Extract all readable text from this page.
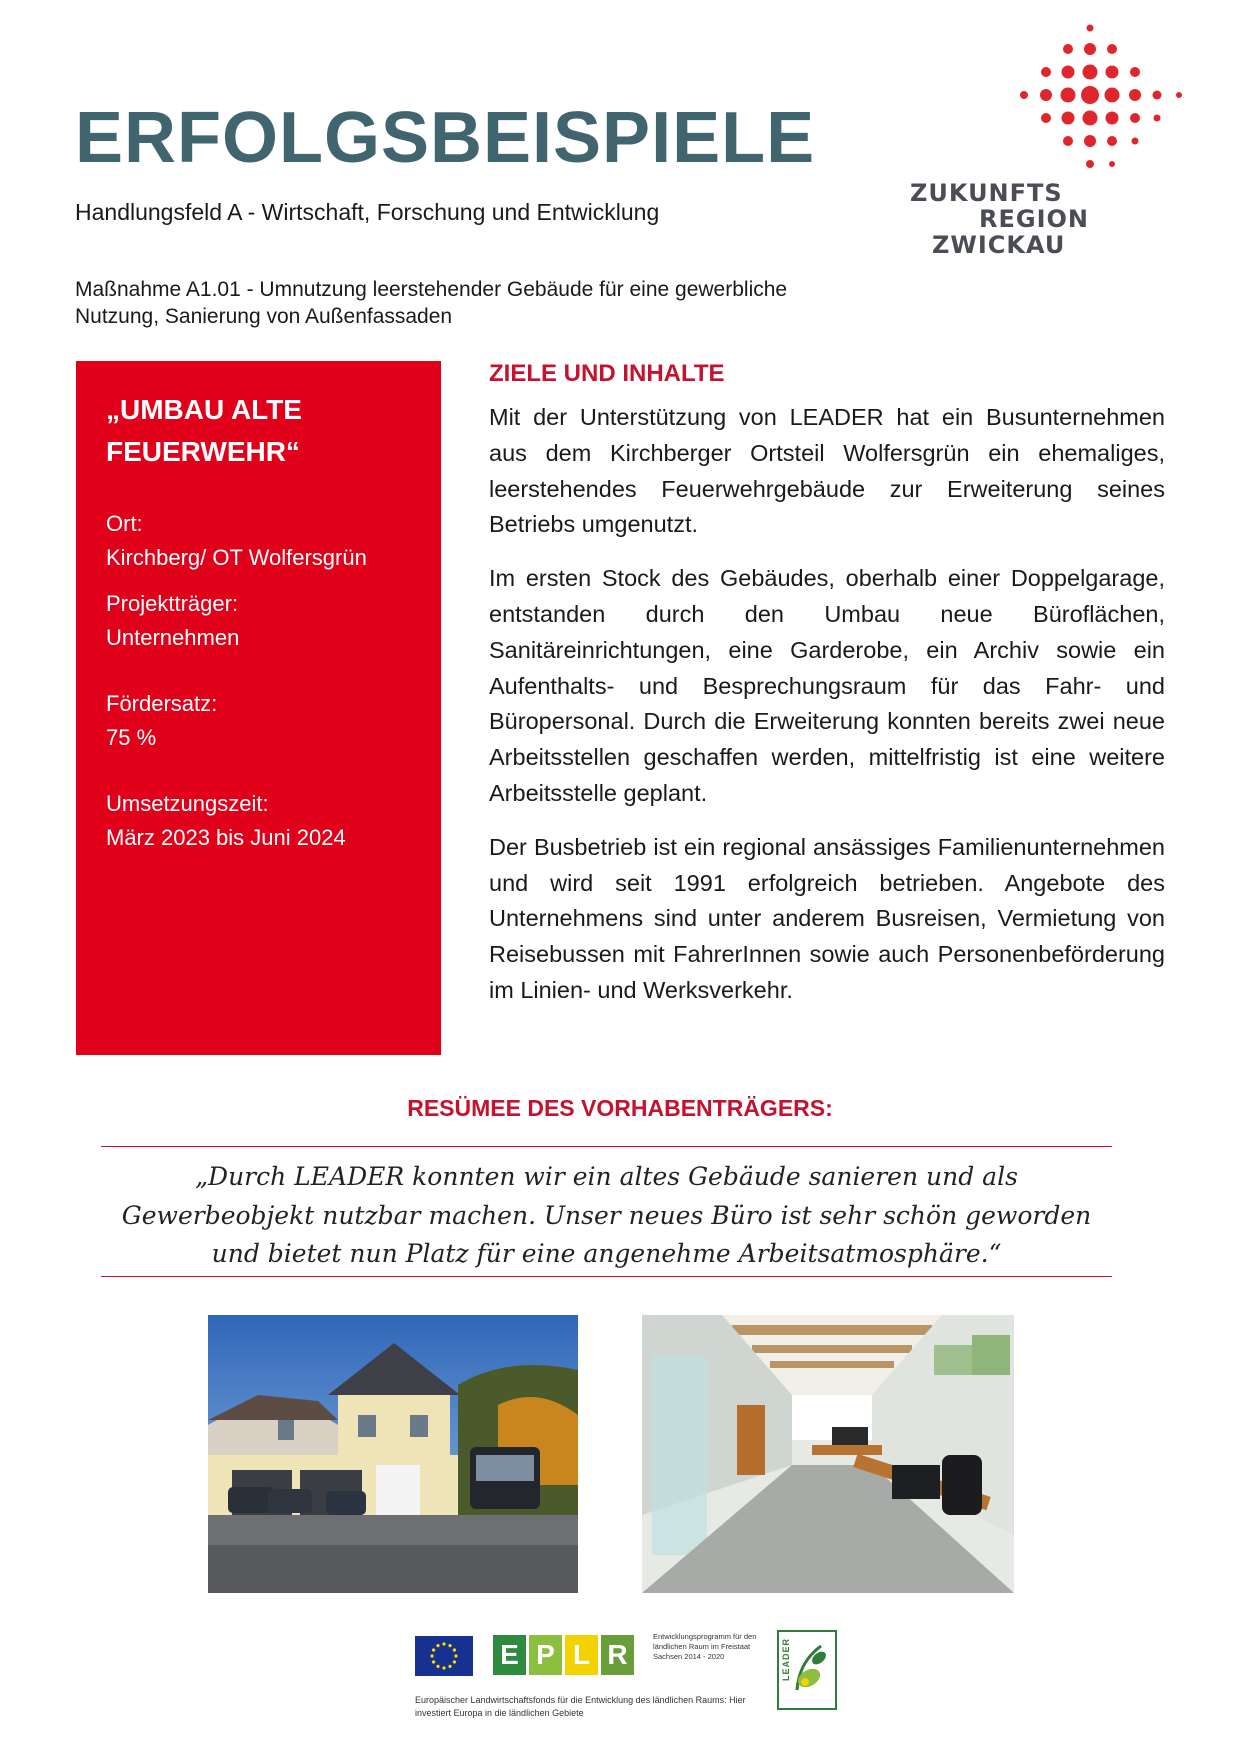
ERFOLGSBEISPIELE

Handlungsfeld A - Wirtschaft, Forschung und Entwicklung

Maßnahme A1.01 - Umnutzung leerstehender Gebäude für eine gewerbliche Nutzung, Sanierung von Außenfassaden

ZUKUNFTS
REGION
ZWICKAU
„UMBAU ALTE FEUERWEHR“
Ort:
Kirchberg/ OT Wolfersgrün
Projektträger:
Unternehmen
Fördersatz:
75 %
Umsetzungszeit:
März 2023 bis Juni 2024
ZIELE UND INHALTE

Mit der Unterstützung von LEADER hat ein Busunternehmen aus dem Kirchberger Ortsteil Wolfersgrün ein ehemaliges, leerstehendes Feuerwehrgebäude zur Erweiterung seines Betriebs umgenutzt.

Im ersten Stock des Gebäudes, oberhalb einer Doppelgarage, entstanden durch den Umbau neue Büroflächen, Sanitäreinrichtungen, eine Garderobe, ein Archiv sowie ein Aufenthalts- und Besprechungsraum für das Fahr- und Büropersonal. Durch die Erweiterung konnten bereits zwei neue Arbeitsstellen geschaffen werden, mittelfristig ist eine weitere Arbeitsstelle geplant.

Der Busbetrieb ist ein regional ansässiges Familienunternehmen und wird seit 1991 erfolgreich betrieben. Angebote des Unternehmens sind unter anderem Busreisen, Vermietung von Reisebussen mit FahrerInnen sowie auch Personenbeförderung im Linien- und Werksverkehr.

RESÜMEE DES VORHABENTRÄGERS:

„Durch LEADER konnten wir ein altes Gebäude sanieren und als Gewerbeobjekt nutzbar machen. Unser neues Büro ist sehr schön geworden und bietet nun Platz für eine angenehme Arbeitsatmosphäre.“

E P L R
Entwicklungsprogramm für den ländlichen Raum im Freistaat Sachsen 2014 - 2020
Europäischer Landwirtschaftsfonds für die Entwicklung des ländlichen Raums: Hier investiert Europa in die ländlichen Gebiete
LEADER
